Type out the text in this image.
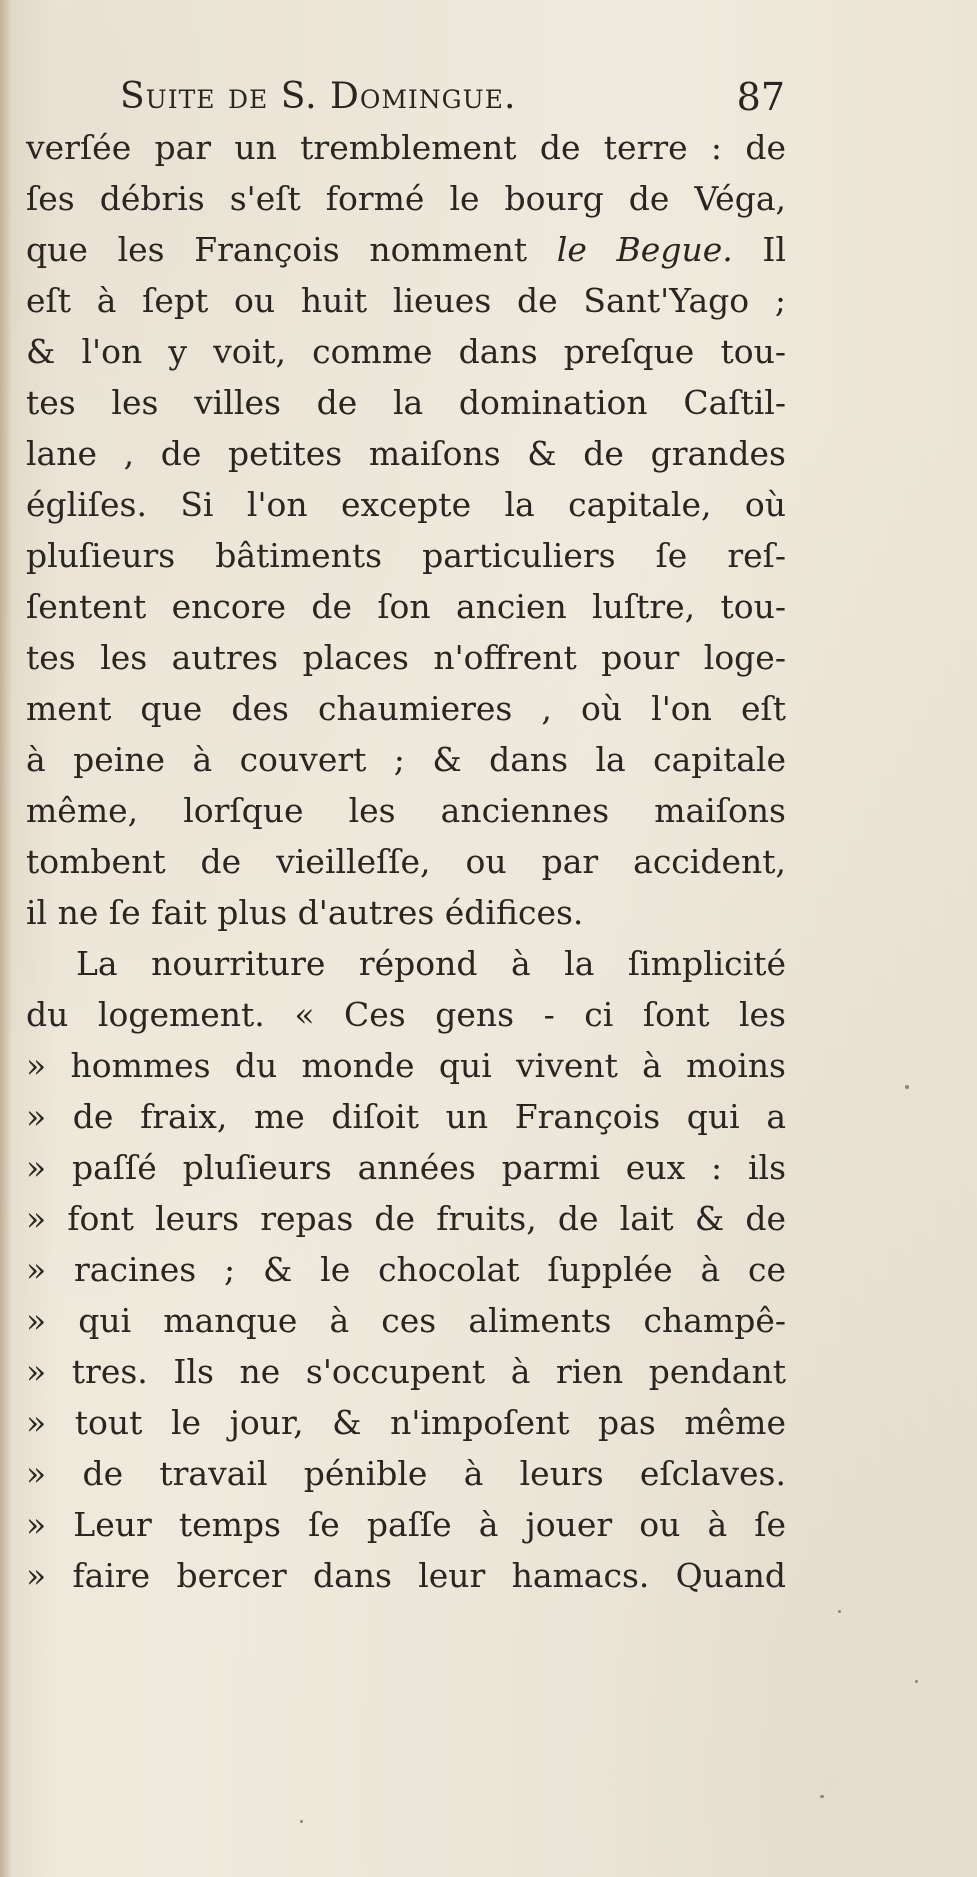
Suite de S. Domingue.	87
verſée par un tremblement de terre : de
ſes débris s'eſt formé le bourg de Véga,
que les François nomment le Begue. Il
eſt à ſept ou huit lieues de Sant'Yago ;
& l'on y voit, comme dans preſque tou-
tes les villes de la domination Caſtil-
lane , de petites maiſons & de grandes
égliſes. Si l'on excepte la capitale, où
pluſieurs bâtiments particuliers ſe reſ-
ſentent encore de ſon ancien luſtre, tou-
tes les autres places n'offrent pour loge-
ment que des chaumieres , où l'on eſt
à peine à couvert ; & dans la capitale
même, lorſque les anciennes maiſons
tombent de vieilleſſe, ou par accident,
il ne ſe fait plus d'autres édifices.
La nourriture répond à la ſimplicité
du logement. « Ces gens - ci ſont les
» hommes du monde qui vivent à moins
» de fraix, me diſoit un François qui a
» paſſé pluſieurs années parmi eux : ils
» font leurs repas de fruits, de lait & de
» racines ; & le chocolat ſupplée à ce
» qui manque à ces aliments champê-
» tres. Ils ne s'occupent à rien pendant
» tout le jour, & n'impoſent pas même
» de travail pénible à leurs eſclaves.
» Leur temps ſe paſſe à jouer ou à ſe
» faire bercer dans leur hamacs. Quand
